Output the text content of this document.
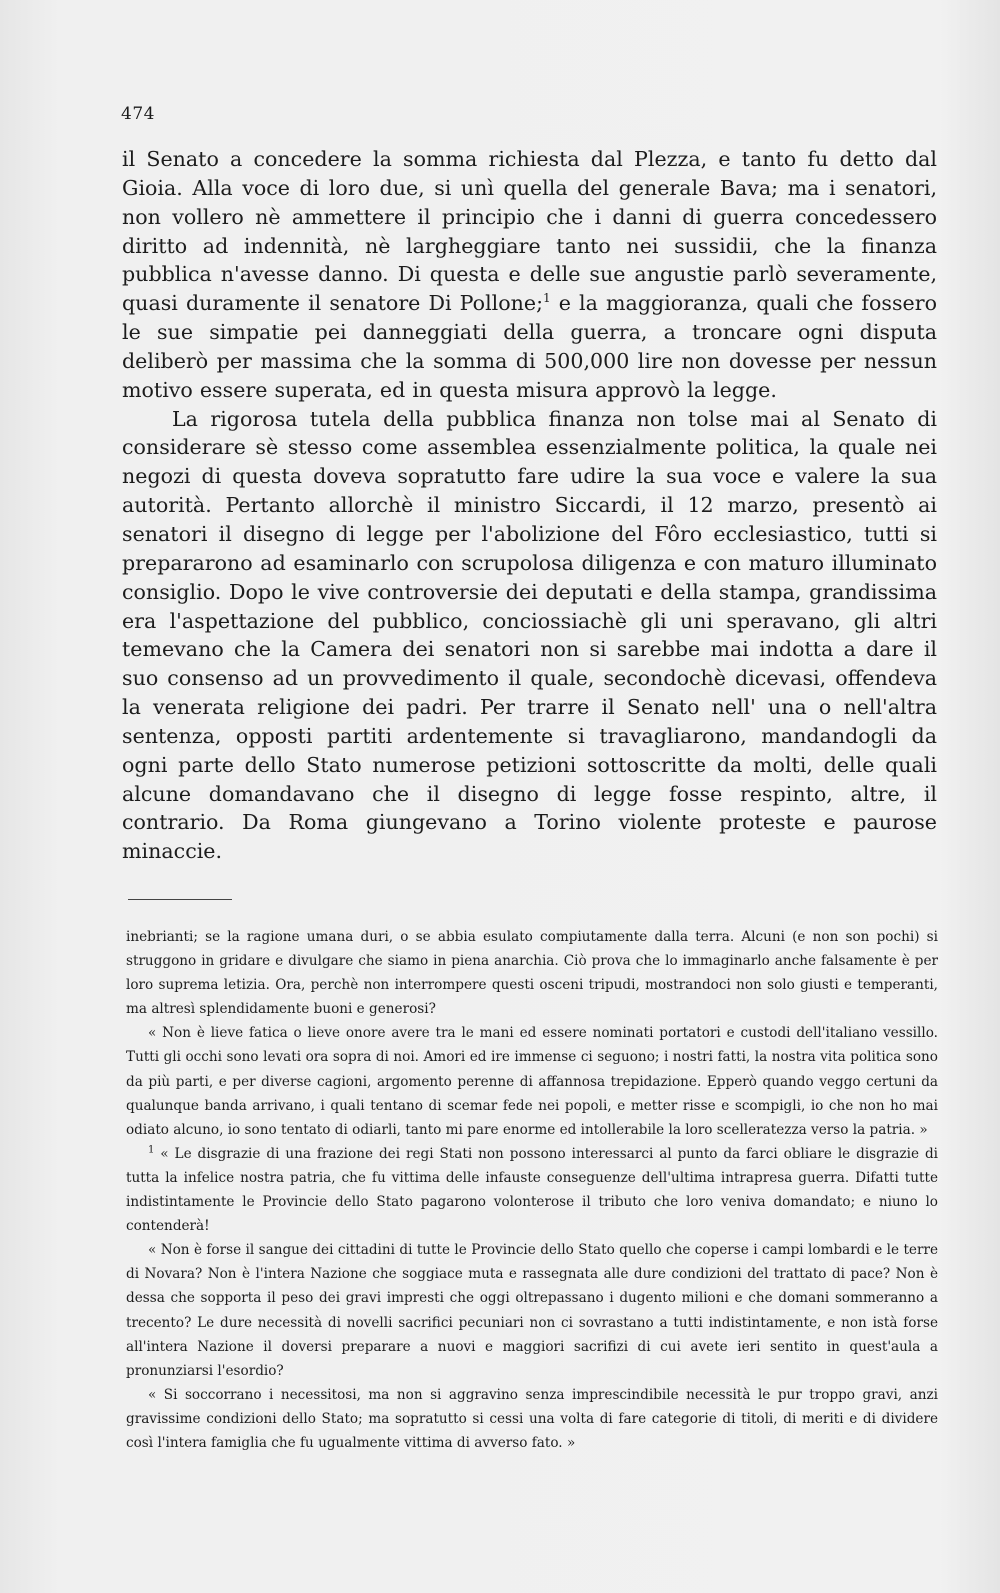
474

il Senato a concedere la somma richiesta dal Plezza, e tanto fu detto dal Gioia. Alla voce di loro due, si unì quella del generale Bava; ma i senatori, non vollero nè ammettere il principio che i danni di guerra concedessero diritto ad indennità, nè largheggiare tanto nei sussidii, che la finanza pubblica n'avesse danno. Di questa e delle sue angustie parlò severamente, quasi duramente il senatore Di Pollone;$^1$ e la maggioranza, quali che fossero le sue simpatie pei danneggiati della guerra, a troncare ogni disputa deliberò per massima che la somma di 500,000 lire non dovesse per nessun motivo essere superata, ed in questa misura approvò la legge.

La rigorosa tutela della pubblica finanza non tolse mai al Senato di considerare sè stesso come assemblea essenzialmente politica, la quale nei negozi di questa doveva sopratutto fare udire la sua voce e valere la sua autorità. Pertanto allorchè il ministro Siccardi, il 12 marzo, presentò ai senatori il disegno di legge per l'abolizione del Fôro ecclesiastico, tutti si prepararono ad esaminarlo con scrupolosa diligenza e con maturo illuminato consiglio. Dopo le vive controversie dei deputati e della stampa, grandissima era l'aspettazione del pubblico, conciossiachè gli uni speravano, gli altri temevano che la Camera dei senatori non si sarebbe mai indotta a dare il suo consenso ad un provvedimento il quale, secondochè dicevasi, offendeva la venerata religione dei padri. Per trarre il Senato nell' una o nell'altra sentenza, opposti partiti ardentemente si travagliarono, mandandogli da ogni parte dello Stato numerose petizioni sottoscritte da molti, delle quali alcune domandavano che il disegno di legge fosse respinto, altre, il contrario. Da Roma giungevano a Torino violente proteste e paurose minaccie.

inebrianti; se la ragione umana duri, o se abbia esulato compiutamente dalla terra. Alcuni (e non son pochi) si struggono in gridare e divulgare che siamo in piena anarchia. Ciò prova che lo immaginarlo anche falsamente è per loro suprema letizia. Ora, perchè non interrompere questi osceni tripudi, mostrandoci non solo giusti e temperanti, ma altresì splendidamente buoni e generosi?

« Non è lieve fatica o lieve onore avere tra le mani ed essere nominati portatori e custodi dell'italiano vessillo. Tutti gli occhi sono levati ora sopra di noi. Amori ed ire immense ci seguono; i nostri fatti, la nostra vita politica sono da più parti, e per diverse cagioni, argomento perenne di affannosa trepidazione. Epperò quando veggo certuni da qualunque banda arrivano, i quali tentano di scemar fede nei popoli, e metter risse e scompigli, io che non ho mai odiato alcuno, io sono tentato di odiarli, tanto mi pare enorme ed intollerabile la loro scelleratezza verso la patria. »

$^1$ « Le disgrazie di una frazione dei regi Stati non possono interessarci al punto da farci obliare le disgrazie di tutta la infelice nostra patria, che fu vittima delle infauste conseguenze dell'ultima intrapresa guerra. Difatti tutte indistintamente le Provincie dello Stato pagarono volonterose il tributo che loro veniva domandato; e niuno lo contenderà!

« Non è forse il sangue dei cittadini di tutte le Provincie dello Stato quello che coperse i campi lombardi e le terre di Novara? Non è l'intera Nazione che soggiace muta e rassegnata alle dure condizioni del trattato di pace? Non è dessa che sopporta il peso dei gravi impresti che oggi oltrepassano i dugento milioni e che domani sommeranno a trecento? Le dure necessità di novelli sacrifici pecuniari non ci sovrastano a tutti indistintamente, e non istà forse all'intera Nazione il doversi preparare a nuovi e maggiori sacrifizi di cui avete ieri sentito in quest'aula a pronunziarsi l'esordio?

« Si soccorrano i necessitosi, ma non si aggravino senza imprescindibile necessità le pur troppo gravi, anzi gravissime condizioni dello Stato; ma sopratutto si cessi una volta di fare categorie di titoli, di meriti e di dividere così l'intera famiglia che fu ugualmente vittima di avverso fato. »
